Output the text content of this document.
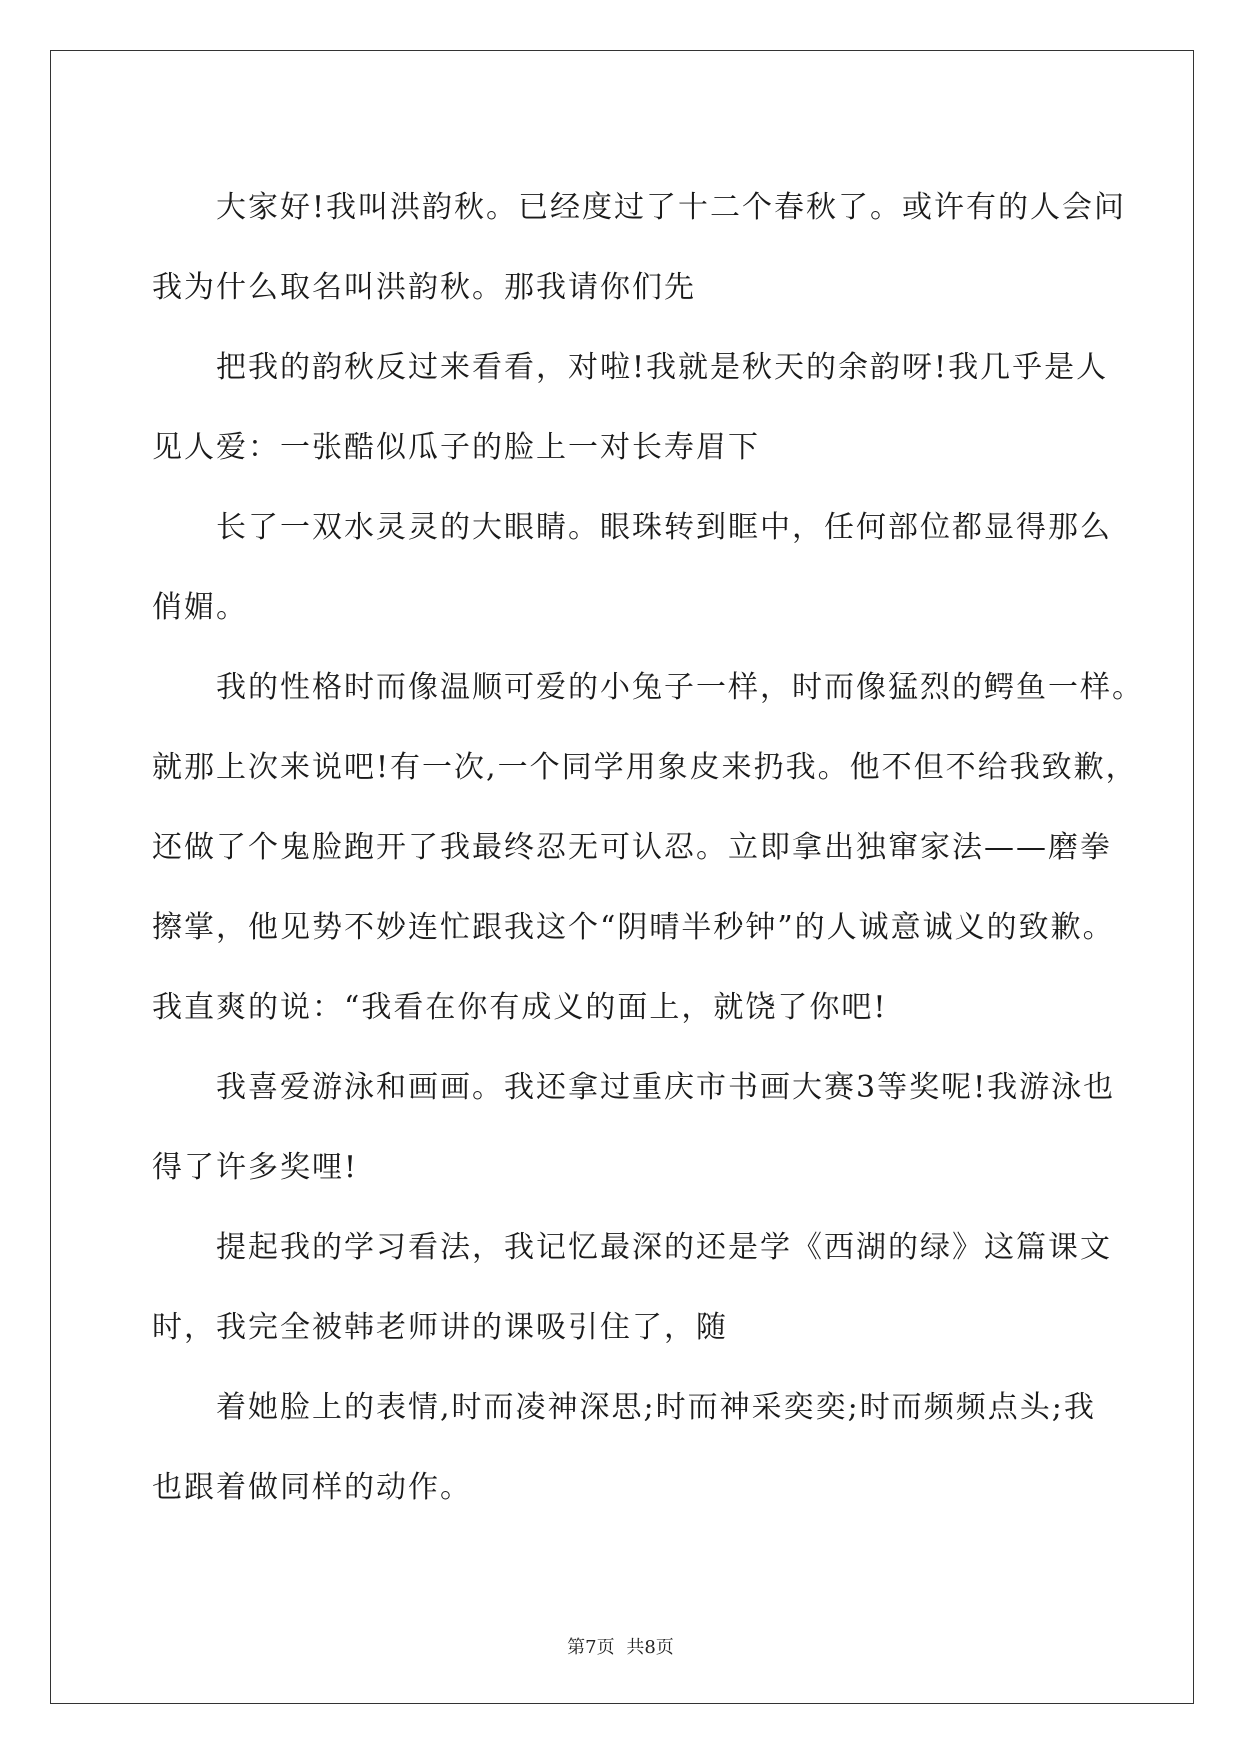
大家好!我叫洪韵秋。已经度过了十二个春秋了。或许有的人会问
我为什么取名叫洪韵秋。那我请你们先

把我的韵秋反过来看看，对啦!我就是秋天的余韵呀!我几乎是人
见人爱：一张酷似瓜子的脸上一对长寿眉下

长了一双水灵灵的大眼睛。眼珠转到眶中，任何部位都显得那么
俏媚。

我的性格时而像温顺可爱的小兔子一样，时而像猛烈的鳄鱼一样。
就那上次来说吧!有一次,一个同学用象皮来扔我。他不但不给我致歉，
还做了个鬼脸跑开了我最终忍无可认忍。立即拿出独窜家法——磨拳
擦掌，他见势不妙连忙跟我这个“阴晴半秒钟”的人诚意诚义的致歉。
我直爽的说：“我看在你有成义的面上，就饶了你吧!

我喜爱游泳和画画。我还拿过重庆市书画大赛3等奖呢!我游泳也
得了许多奖哩!

提起我的学习看法，我记忆最深的还是学《西湖的绿》这篇课文
时，我完全被韩老师讲的课吸引住了，随

着她脸上的表情,时而凌神深思;时而神采奕奕;时而频频点头;我
也跟着做同样的动作。

第7页 共8页
